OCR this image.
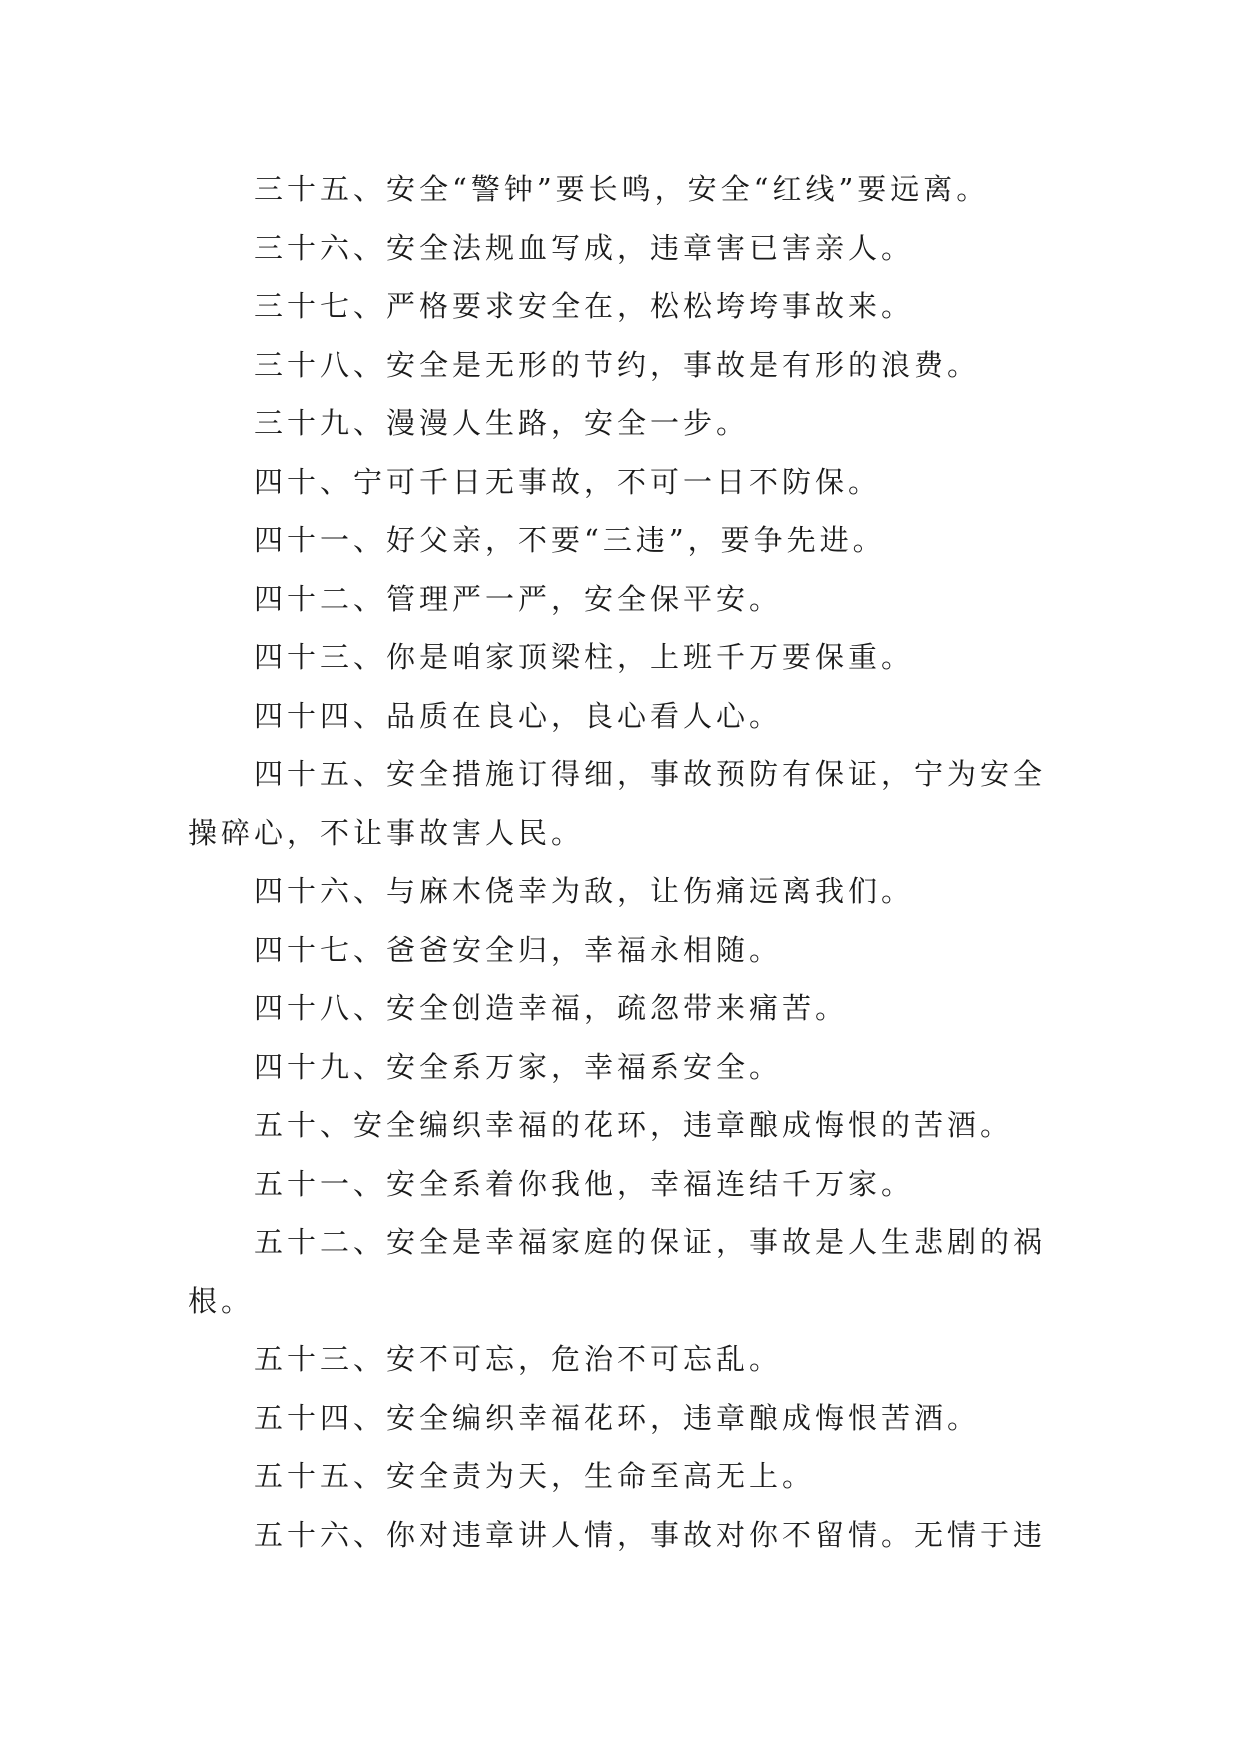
三十五、安全“警钟”要长鸣，安全“红线”要远离。

三十六、安全法规血写成，违章害已害亲人。

三十七、严格要求安全在，松松垮垮事故来。

三十八、安全是无形的节约，事故是有形的浪费。

三十九、漫漫人生路，安全一步。

四十、宁可千日无事故，不可一日不防保。

四十一、好父亲，不要“三违”，要争先进。

四十二、管理严一严，安全保平安。

四十三、你是咱家顶梁柱，上班千万要保重。

四十四、品质在良心，良心看人心。

四十五、安全措施订得细，事故预防有保证，宁为安全操碎心，不让事故害人民。

四十六、与麻木侥幸为敌，让伤痛远离我们。

四十七、爸爸安全归，幸福永相随。

四十八、安全创造幸福，疏忽带来痛苦。

四十九、安全系万家，幸福系安全。

五十、安全编织幸福的花环，违章酿成悔恨的苦酒。

五十一、安全系着你我他，幸福连结千万家。

五十二、安全是幸福家庭的保证，事故是人生悲剧的祸根。

五十三、安不可忘，危治不可忘乱。

五十四、安全编织幸福花环，违章酿成悔恨苦酒。

五十五、安全责为天，生命至高无上。

五十六、你对违章讲人情，事故对你不留情。无情于违
